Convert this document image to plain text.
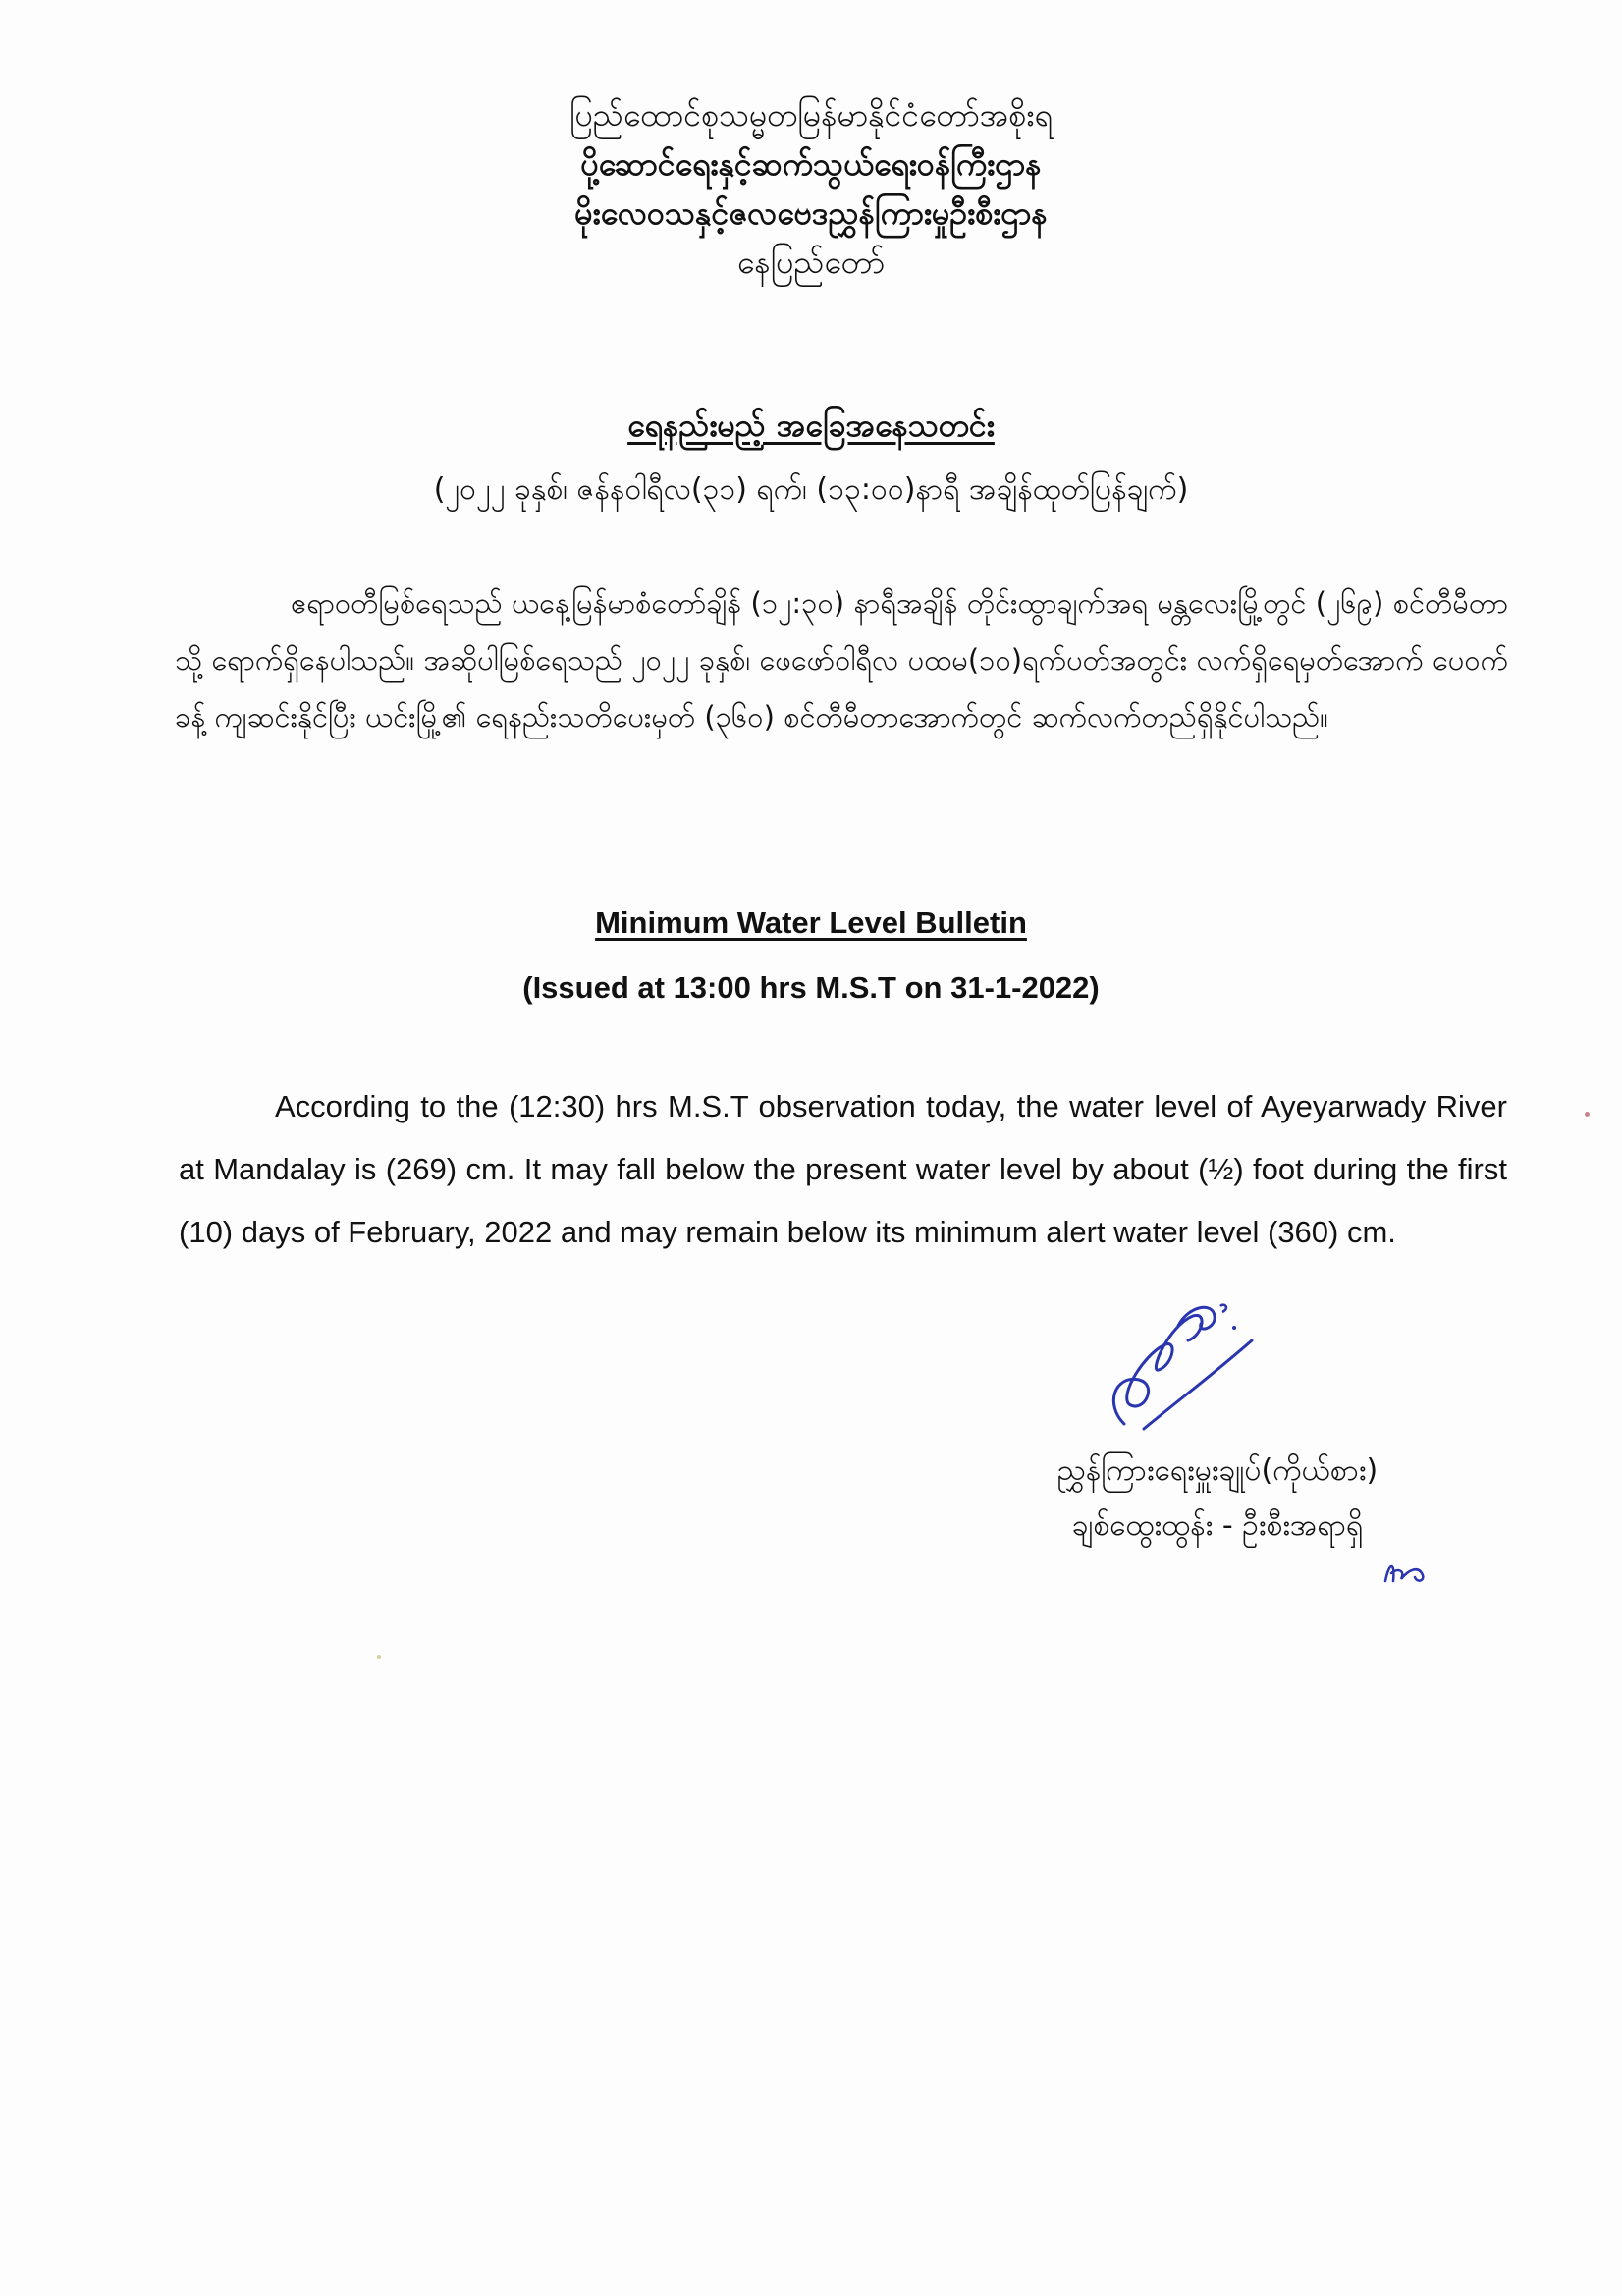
ပြည်ထောင်စုသမ္မတမြန်မာနိုင်ငံတော်အစိုးရ
ပို့ဆောင်ရေးနှင့်ဆက်သွယ်ရေးဝန်ကြီးဌာန
မိုးလေဝသနှင့်ဇလဗေဒညွှန်ကြားမှုဦးစီးဌာန
နေပြည်တော်
ရေနည်းမည့် အခြေအနေသတင်း
(၂၀၂၂ ခုနှစ်၊ ဇန်နဝါရီလ(၃၁) ရက်၊ (၁၃:၀၀)နာရီ အချိန်ထုတ်ပြန်ချက်)
ဧရာဝတီမြစ်ရေသည် ယနေ့မြန်မာစံတော်ချိန် (၁၂:၃၀) နာရီအချိန် တိုင်းထွာချက်အရ မန္တလေးမြို့တွင် (၂၆၉) စင်တီမီတာသို့ ရောက်ရှိနေပါသည်။ အဆိုပါမြစ်ရေသည် ၂၀၂၂ ခုနှစ်၊ ဖေဖော်ဝါရီလ ပထမ(၁၀)ရက်ပတ်အတွင်း လက်ရှိရေမှတ်အောက် ပေဝက်ခန့် ကျဆင်းနိုင်ပြီး ယင်းမြို့၏ ရေနည်းသတိပေးမှတ် (၃၆၀) စင်တီမီတာအောက်တွင် ဆက်လက်တည်ရှိနိုင်ပါသည်။
Minimum Water Level Bulletin
(Issued at 13:00 hrs M.S.T on 31-1-2022)
According to the (12:30) hrs M.S.T observation today, the water level of Ayeyarwady River at Mandalay is (269) cm. It may fall below the present water level by about (½) foot during the first (10) days of February, 2022 and may remain below its minimum alert water level (360) cm.
ညွှန်ကြားရေးမှူးချုပ်(ကိုယ်စား)
ချစ်ထွေးထွန်း - ဦးစီးအရာရှိ
